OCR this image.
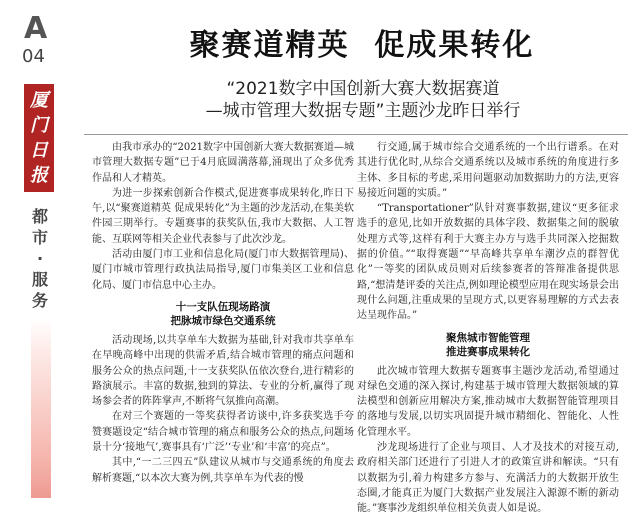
A
04
厦
门
日
报
都市·服务
聚赛道精英  促成果转化
“2021数字中国创新大赛大数据赛道
—城市管理大数据专题”主题沙龙昨日举行

由我市承办的“2021数字中国创新大赛大数据赛道—城市管理大数据专题”已于4月底圆满落幕,涌现出了众多优秀作品和人才精英。

为进一步探索创新合作模式,促进赛事成果转化,昨日下午,以“聚赛道精英 促成果转化”为主题的沙龙活动,在集美软件园三期举行。专题赛事的获奖队伍,我市大数据、人工智能、互联网等相关企业代表参与了此次沙龙。

活动由厦门市工业和信息化局(厦门市大数据管理局)、厦门市城市管理行政执法局指导,厦门市集美区工业和信息化局、厦门市信息中心主办。

十一支队伍现场路演
把脉城市绿色交通系统

活动现场,以共享单车大数据为基础,针对我市共享单车在早晚高峰中出现的供需矛盾,结合城市管理的痛点问题和服务公众的热点问题,十一支获奖队伍依次登台,进行精彩的路演展示。丰富的数据,独到的算法、专业的分析,赢得了现场参会者的阵阵掌声,不断将气氛推向高潮。

在对三个赛题的一等奖获得者访谈中,许多获奖选手夸赞赛题设定“结合城市管理的痛点和服务公众的热点,问题场景十分‘接地气’,赛事具有‘广泛’‘专业’和‘丰富’的亮点”。

其中,“一二三四五”队建议从城市与交通系统的角度去解析赛题,“以本次大赛为例,共享单车为代表的慢

行交通,属于城市综合交通系统的一个出行谱系。在对其进行优化时,从综合交通系统以及城市系统的角度进行多主体、多目标的考虑,采用问题驱动加数据助力的方法,更容易接近问题的实质。”

“Transportationer”队针对赛事数据,建议“更多征求选手的意见,比如开放数据的具体字段、数据集之间的脱敏处理方式等,这样有利于大赛主办方与选手共同深入挖掘数据的价值。”“取得赛题”“早高峰共享单车潮汐点的群智优化”一等奖的团队成员则对后续参赛者的答辩准备提供思路,“想清楚评委的关注点,例如理论模型应用在现实场景会出现什么问题,注重成果的呈现方式,以更容易理解的方式去表达呈现作品。”

聚焦城市智能管理
推进赛事成果转化

此次城市管理大数据专题赛事主题沙龙活动,希望通过对绿色交通的深入探讨,构建基于城市管理大数据领域的算法模型和创新应用解决方案,推动城市大数据智能管理项目的落地与发展,以切实巩固提升城市精细化、智能化、人性化管理水平。

沙龙现场进行了企业与项目、人才及技术的对接互动,政府相关部门还进行了引进人才的政策宣讲和解读。“只有以数据为引,着力构建多方参与、充满活力的大数据开放生态圈,才能真正为厦门大数据产业发展注入源源不断的新动能。”赛事沙龙组织单位相关负责人如是说。
